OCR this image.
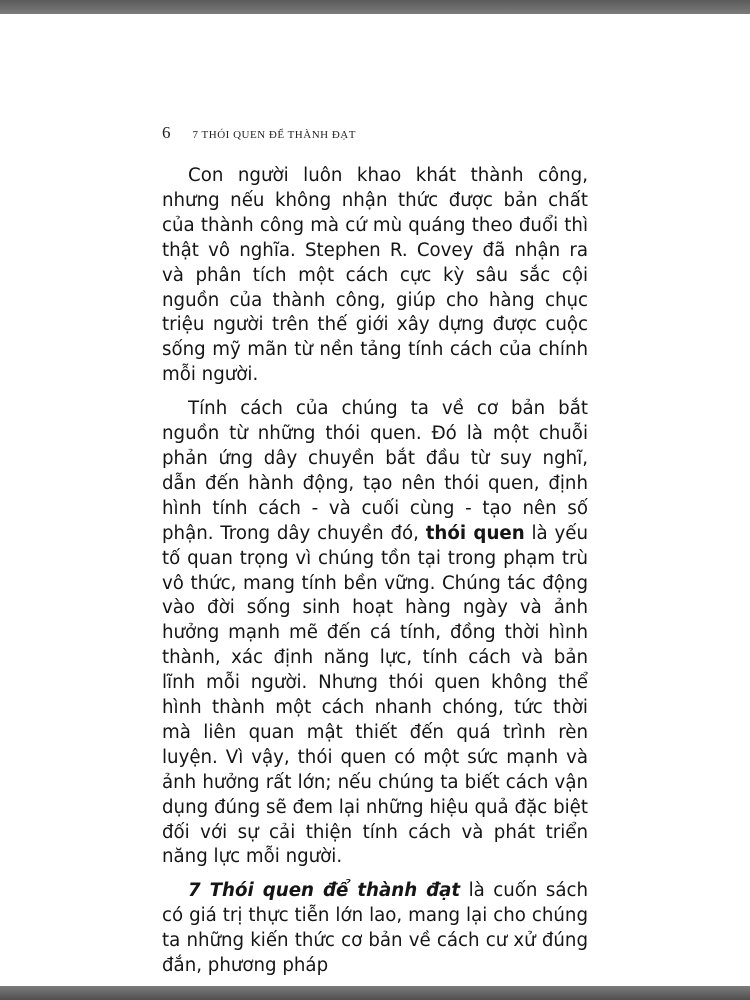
6 7 THÓI QUEN ĐỂ THÀNH ĐẠT

Con người luôn khao khát thành công, nhưng nếu không nhận thức được bản chất của thành công mà cứ mù quáng theo đuổi thì thật vô nghĩa. Stephen R. Covey đã nhận ra và phân tích một cách cực kỳ sâu sắc cội nguồn của thành công, giúp cho hàng chục triệu người trên thế giới xây dựng được cuộc sống mỹ mãn từ nền tảng tính cách của chính mỗi người.

Tính cách của chúng ta về cơ bản bắt nguồn từ những thói quen. Đó là một chuỗi phản ứng dây chuyền bắt đầu từ suy nghĩ, dẫn đến hành động, tạo nên thói quen, định hình tính cách - và cuối cùng - tạo nên số phận. Trong dây chuyền đó, thói quen là yếu tố quan trọng vì chúng tồn tại trong phạm trù vô thức, mang tính bền vững. Chúng tác động vào đời sống sinh hoạt hàng ngày và ảnh hưởng mạnh mẽ đến cá tính, đồng thời hình thành, xác định năng lực, tính cách và bản lĩnh mỗi người. Nhưng thói quen không thể hình thành một cách nhanh chóng, tức thời mà liên quan mật thiết đến quá trình rèn luyện. Vì vậy, thói quen có một sức mạnh và ảnh hưởng rất lớn; nếu chúng ta biết cách vận dụng đúng sẽ đem lại những hiệu quả đặc biệt đối với sự cải thiện tính cách và phát triển năng lực mỗi người.

7 Thói quen để thành đạt là cuốn sách có giá trị thực tiễn lớn lao, mang lại cho chúng ta những kiến thức cơ bản về cách cư xử đúng đắn, phương pháp
